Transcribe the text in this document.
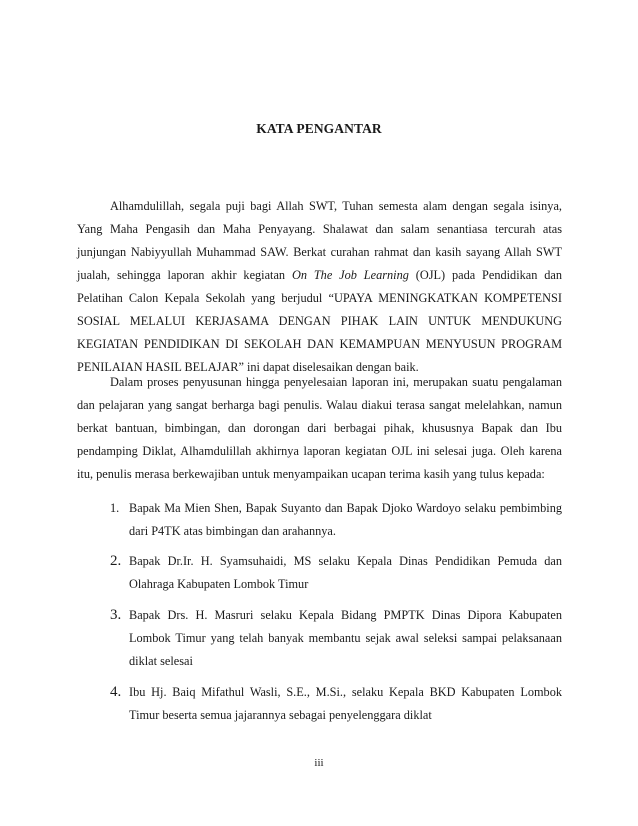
KATA PENGANTAR

Alhamdulillah, segala puji bagi Allah SWT, Tuhan semesta alam dengan segala isinya, Yang Maha Pengasih dan Maha Penyayang. Shalawat dan salam senantiasa tercurah atas junjungan Nabiyyullah Muhammad SAW. Berkat curahan rahmat dan kasih sayang Allah SWT jualah, sehingga laporan akhir kegiatan On The Job Learning (OJL) pada Pendidikan dan Pelatihan Calon Kepala Sekolah yang berjudul “UPAYA MENINGKATKAN KOMPETENSI SOSIAL MELALUI KERJASAMA DENGAN PIHAK LAIN UNTUK MENDUKUNG KEGIATAN PENDIDIKAN DI SEKOLAH DAN KEMAMPUAN MENYUSUN PROGRAM PENILAIAN HASIL BELAJAR” ini dapat diselesaikan dengan baik.

Dalam proses penyusunan hingga penyelesaian laporan ini, merupakan suatu pengalaman dan pelajaran yang sangat berharga bagi penulis. Walau diakui terasa sangat melelahkan, namun berkat bantuan, bimbingan, dan dorongan dari berbagai pihak, khususnya Bapak dan Ibu pendamping Diklat, Alhamdulillah akhirnya laporan kegiatan OJL ini selesai juga. Oleh karena itu, penulis merasa berkewajiban untuk menyampaikan ucapan terima kasih yang tulus kepada:

1. Bapak Ma Mien Shen, Bapak Suyanto dan Bapak Djoko Wardoyo selaku pembimbing dari P4TK atas bimbingan dan arahannya.
2. Bapak Dr.Ir. H. Syamsuhaidi, MS selaku Kepala Dinas Pendidikan Pemuda dan Olahraga Kabupaten Lombok Timur
3. Bapak Drs. H. Masruri selaku Kepala Bidang PMPTK Dinas Dipora Kabupaten Lombok Timur yang telah banyak membantu sejak awal seleksi sampai pelaksanaan diklat selesai
4. Ibu Hj. Baiq Mifathul Wasli, S.E., M.Si., selaku Kepala BKD Kabupaten Lombok Timur beserta semua jajarannya sebagai penyelenggara diklat
iii
